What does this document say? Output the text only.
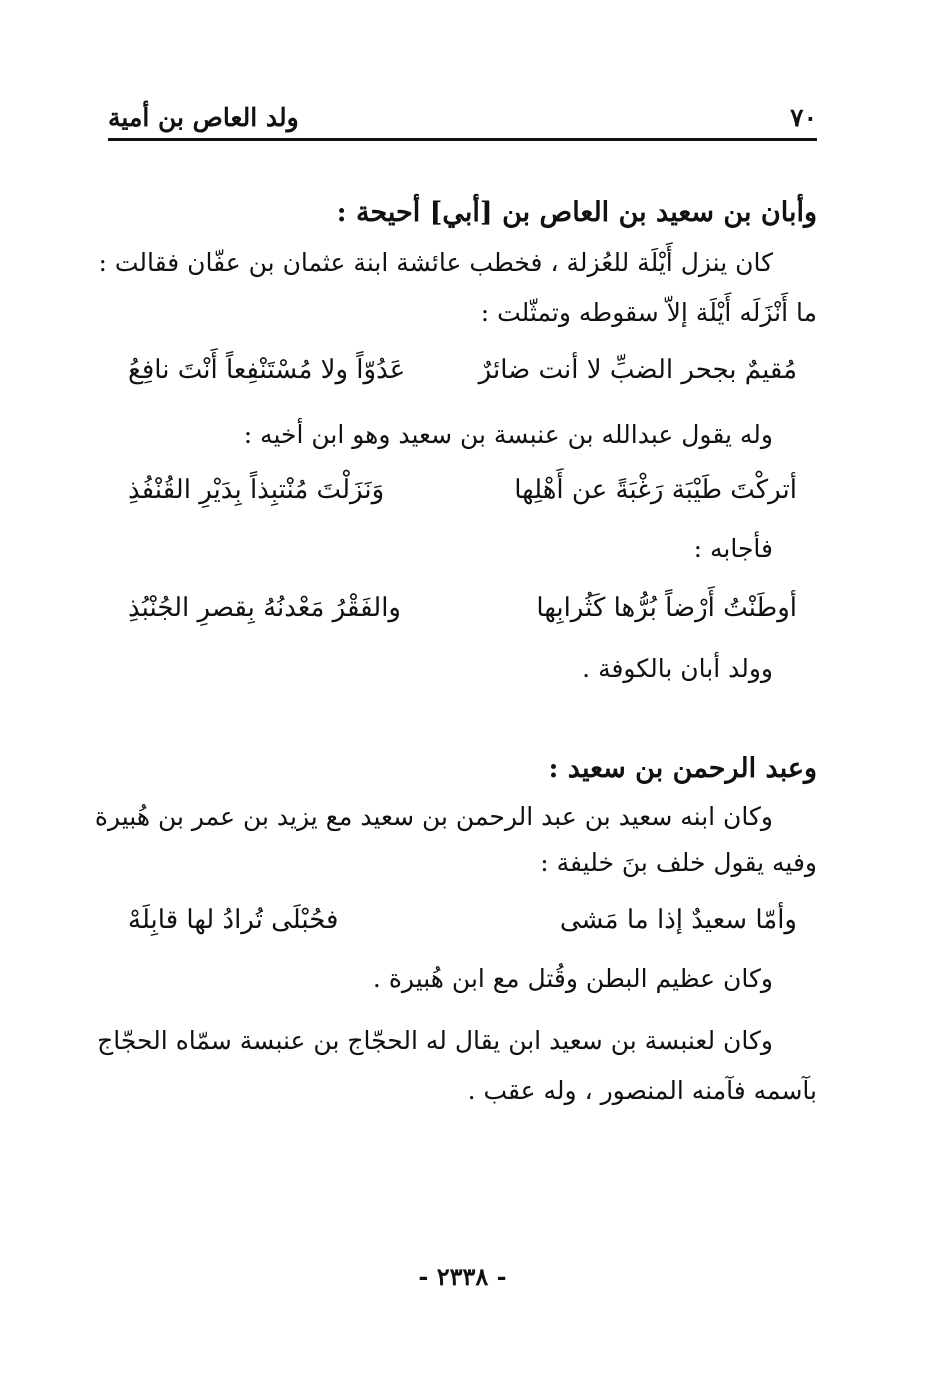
٧٠
ولد العاص بن أمية
وأبان بن سعيد بن العاص بن [أبي] أحيحة :
كان ينزل أَيْلَة للعُزلة ، فخطب عائشة ابنة عثمان بن عفّان فقالت :
ما أَنْزَلَه أَيْلَة إلاّ سقوطه وتمثّلت :
مُقيمٌ بجحر الضبِّ لا أنت ضائرٌ
عَدُوّاً ولا مُسْتَنْفِعاً أَنْتَ نافِعُ
وله يقول عبدالله بن عنبسة بن سعيد وهو ابن أخيه :
أتركْتَ طَيْبَة رَغْبَةً عن أَهْلِها
وَنَزَلْتَ مُنْتبِذاً بِدَيْرِ القُنْفُذِ
فأجابه :
أوطَنْتُ أَرْضاً بُرُّها كَثُرابِها
والفَقْرُ مَعْدنُهُ بِقصرِ الجُنْبُذِ
وولد أبان بالكوفة .
وعبد الرحمن بن سعيد :
وكان ابنه سعيد بن عبد الرحمن بن سعيد مع يزيد بن عمر بن هُبيرة
وفيه يقول خلف بنَ خليفة :
وأمّا سعيدٌ إذا ما مَشى
فحُبْلَى تُرادُ لها قابِلَهْ
وكان عظيم البطن وقُتل مع ابن هُبيرة .
وكان لعنبسة بن سعيد ابن يقال له الحجّاج بن عنبسة سمّاه الحجّاج
بآسمه فآمنه المنصور ، وله عقب .
- ٢٣٣٨ -
